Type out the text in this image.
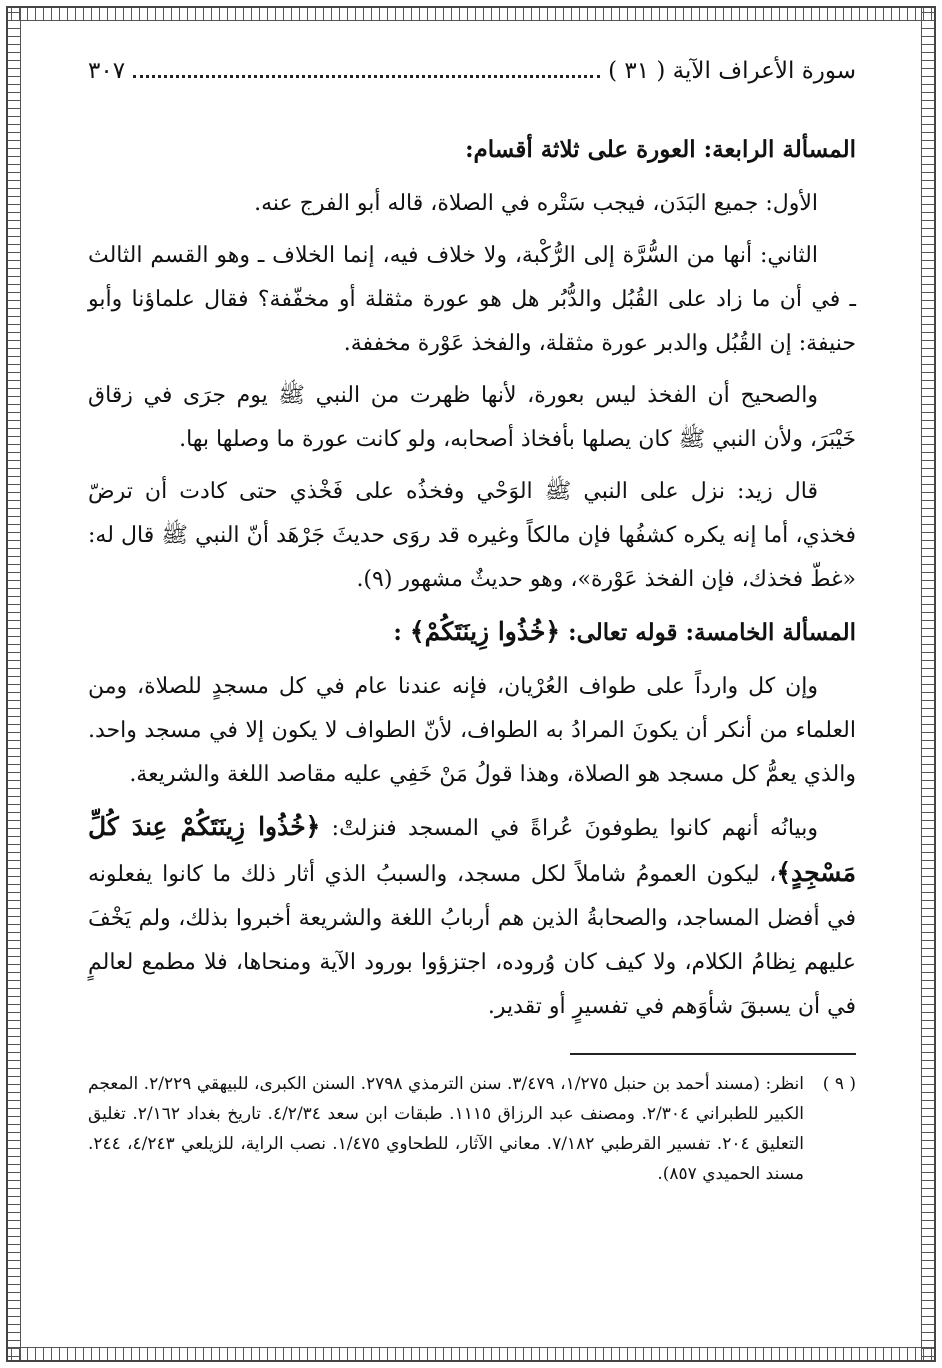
سورة الأعراف الآية ( ٣١ )
٣٠٧

المسألة الرابعة: العورة على ثلاثة أقسام:

الأول: جميع البَدَن، فيجب سَتْره في الصلاة، قاله أبو الفرج عنه.

الثاني: أنها من السُّرَّة إلى الرُّكْبة، ولا خلاف فيه، إنما الخلاف ـ وهو القسم الثالث ـ في أن ما زاد على القُبُل والدُّبُر هل هو عورة مثقلة أو مخفّفة؟ فقال علماؤنا وأبو حنيفة: إن القُبُل والدبر عورة مثقلة، والفخذ عَوْرة مخففة.

والصحيح أن الفخذ ليس بعورة، لأنها ظهرت من النبي ﷺ يوم جرَى في زقاق خَيْبَرَ، ولأن النبي ﷺ كان يصلها بأفخاذ أصحابه، ولو كانت عورة ما وصلها بها.

قال زيد: نزل على النبي ﷺ الوَحْي وفخذُه على فَخْذي حتى كادت أن ترضّ فخذي، أما إنه يكره كشفُها فإن مالكاً وغيره قد روَى حديثَ جَرْهَد أنّ النبي ﷺ قال له: «غطّ فخذك، فإن الفخذ عَوْرة»، وهو حديثٌ مشهور (٩).

المسألة الخامسة: قوله تعالى: ﴿خُذُوا زِينَتَكُمْ﴾ :

وإن كل وارداً على طواف العُرْيان، فإنه عندنا عام في كل مسجدٍ للصلاة، ومن العلماء من أنكر أن يكونَ المرادُ به الطواف، لأنّ الطواف لا يكون إلا في مسجد واحد. والذي يعمُّ كل مسجد هو الصلاة، وهذا قولُ مَنْ خَفِي عليه مقاصد اللغة والشريعة.

وبيانُه أنهم كانوا يطوفونَ عُراةً في المسجد فنزلتْ: ﴿خُذُوا زِينَتَكُمْ عِندَ كُلِّ مَسْجِدٍ﴾، ليكون العمومُ شاملاً لكل مسجد، والسببُ الذي أثار ذلك ما كانوا يفعلونه في أفضل المساجد، والصحابةُ الذين هم أربابُ اللغة والشريعة أخبروا بذلك، ولم يَخْفَ عليهم نِظامُ الكلام، ولا كيف كان وُروده، اجتزؤوا بورود الآية ومنحاها، فلا مطمع لعالمٍ في أن يسبقَ شأوَهم في تفسيرٍ أو تقدير.

( ٩ )
انظر: (مسند أحمد بن حنبل ١/٢٧٥، ٣/٤٧٩. سنن الترمذي ٢٧٩٨. السنن الكبرى، للبيهقي ٢/٢٢٩. المعجم الكبير للطبراني ٢/٣٠٤. ومصنف عبد الرزاق ١١١٥. طبقات ابن سعد ٤/٢/٣٤. تاريخ بغداد ٢/١٦٢. تغليق التعليق ٢٠٤. تفسير القرطبي ٧/١٨٢. معاني الآثار، للطحاوي ١/٤٧٥. نصب الراية، للزيلعي ٤/٢٤٣، ٢٤٤. مسند الحميدي ٨٥٧).
